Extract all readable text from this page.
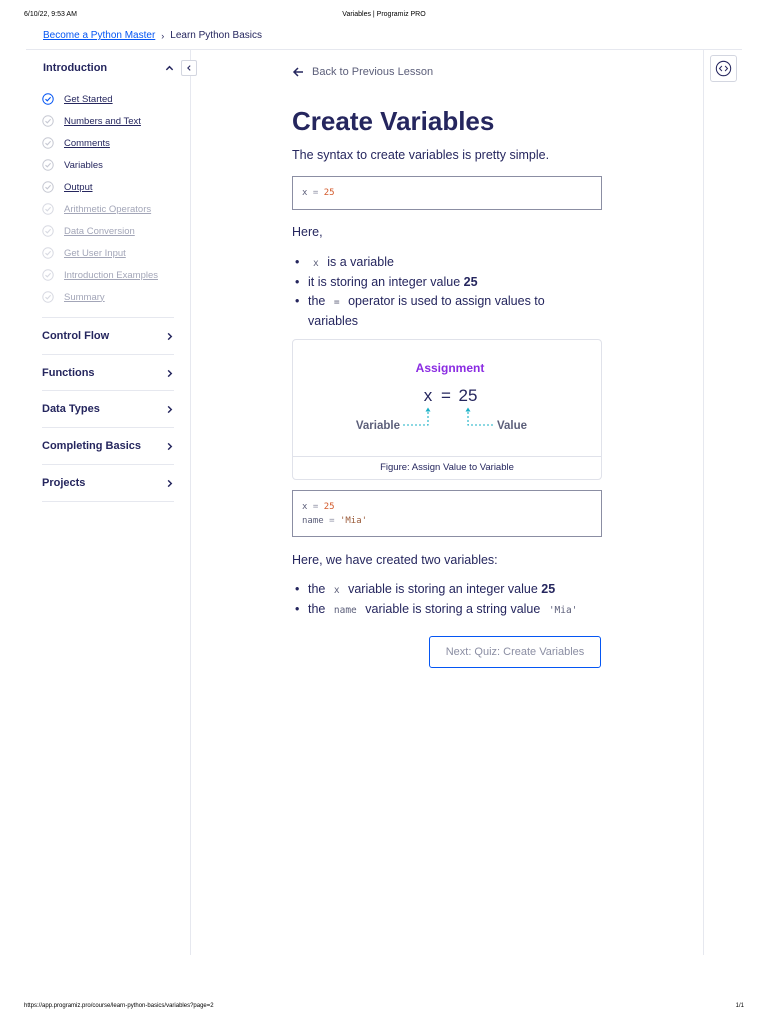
6/10/22, 9:53 AM	Variables | Programiz PRO
Become a Python Master › Learn Python Basics
Introduction
Get Started
Numbers and Text
Comments
Variables
Output
Arithmetic Operators
Data Conversion
Get User Input
Introduction Examples
Summary
Control Flow
Functions
Data Types
Completing Basics
Projects
Back to Previous Lesson
Create Variables

The syntax to create variables is pretty simple.

x = 25

Here,

• x is a variable
• it is storing an integer value 25
• the = operator is used to assign values to
variables
Assignment
x = 25
Variable	Value
Figure: Assign Value to Variable
x = 25
name = 'Mia'

Here, we have created two variables:

• the x variable is storing an integer value 25
• the name variable is storing a string value 'Mia'
Next: Quiz: Create Variables
https://app.programiz.pro/course/learn-python-basics/variables?page=2	1/1
